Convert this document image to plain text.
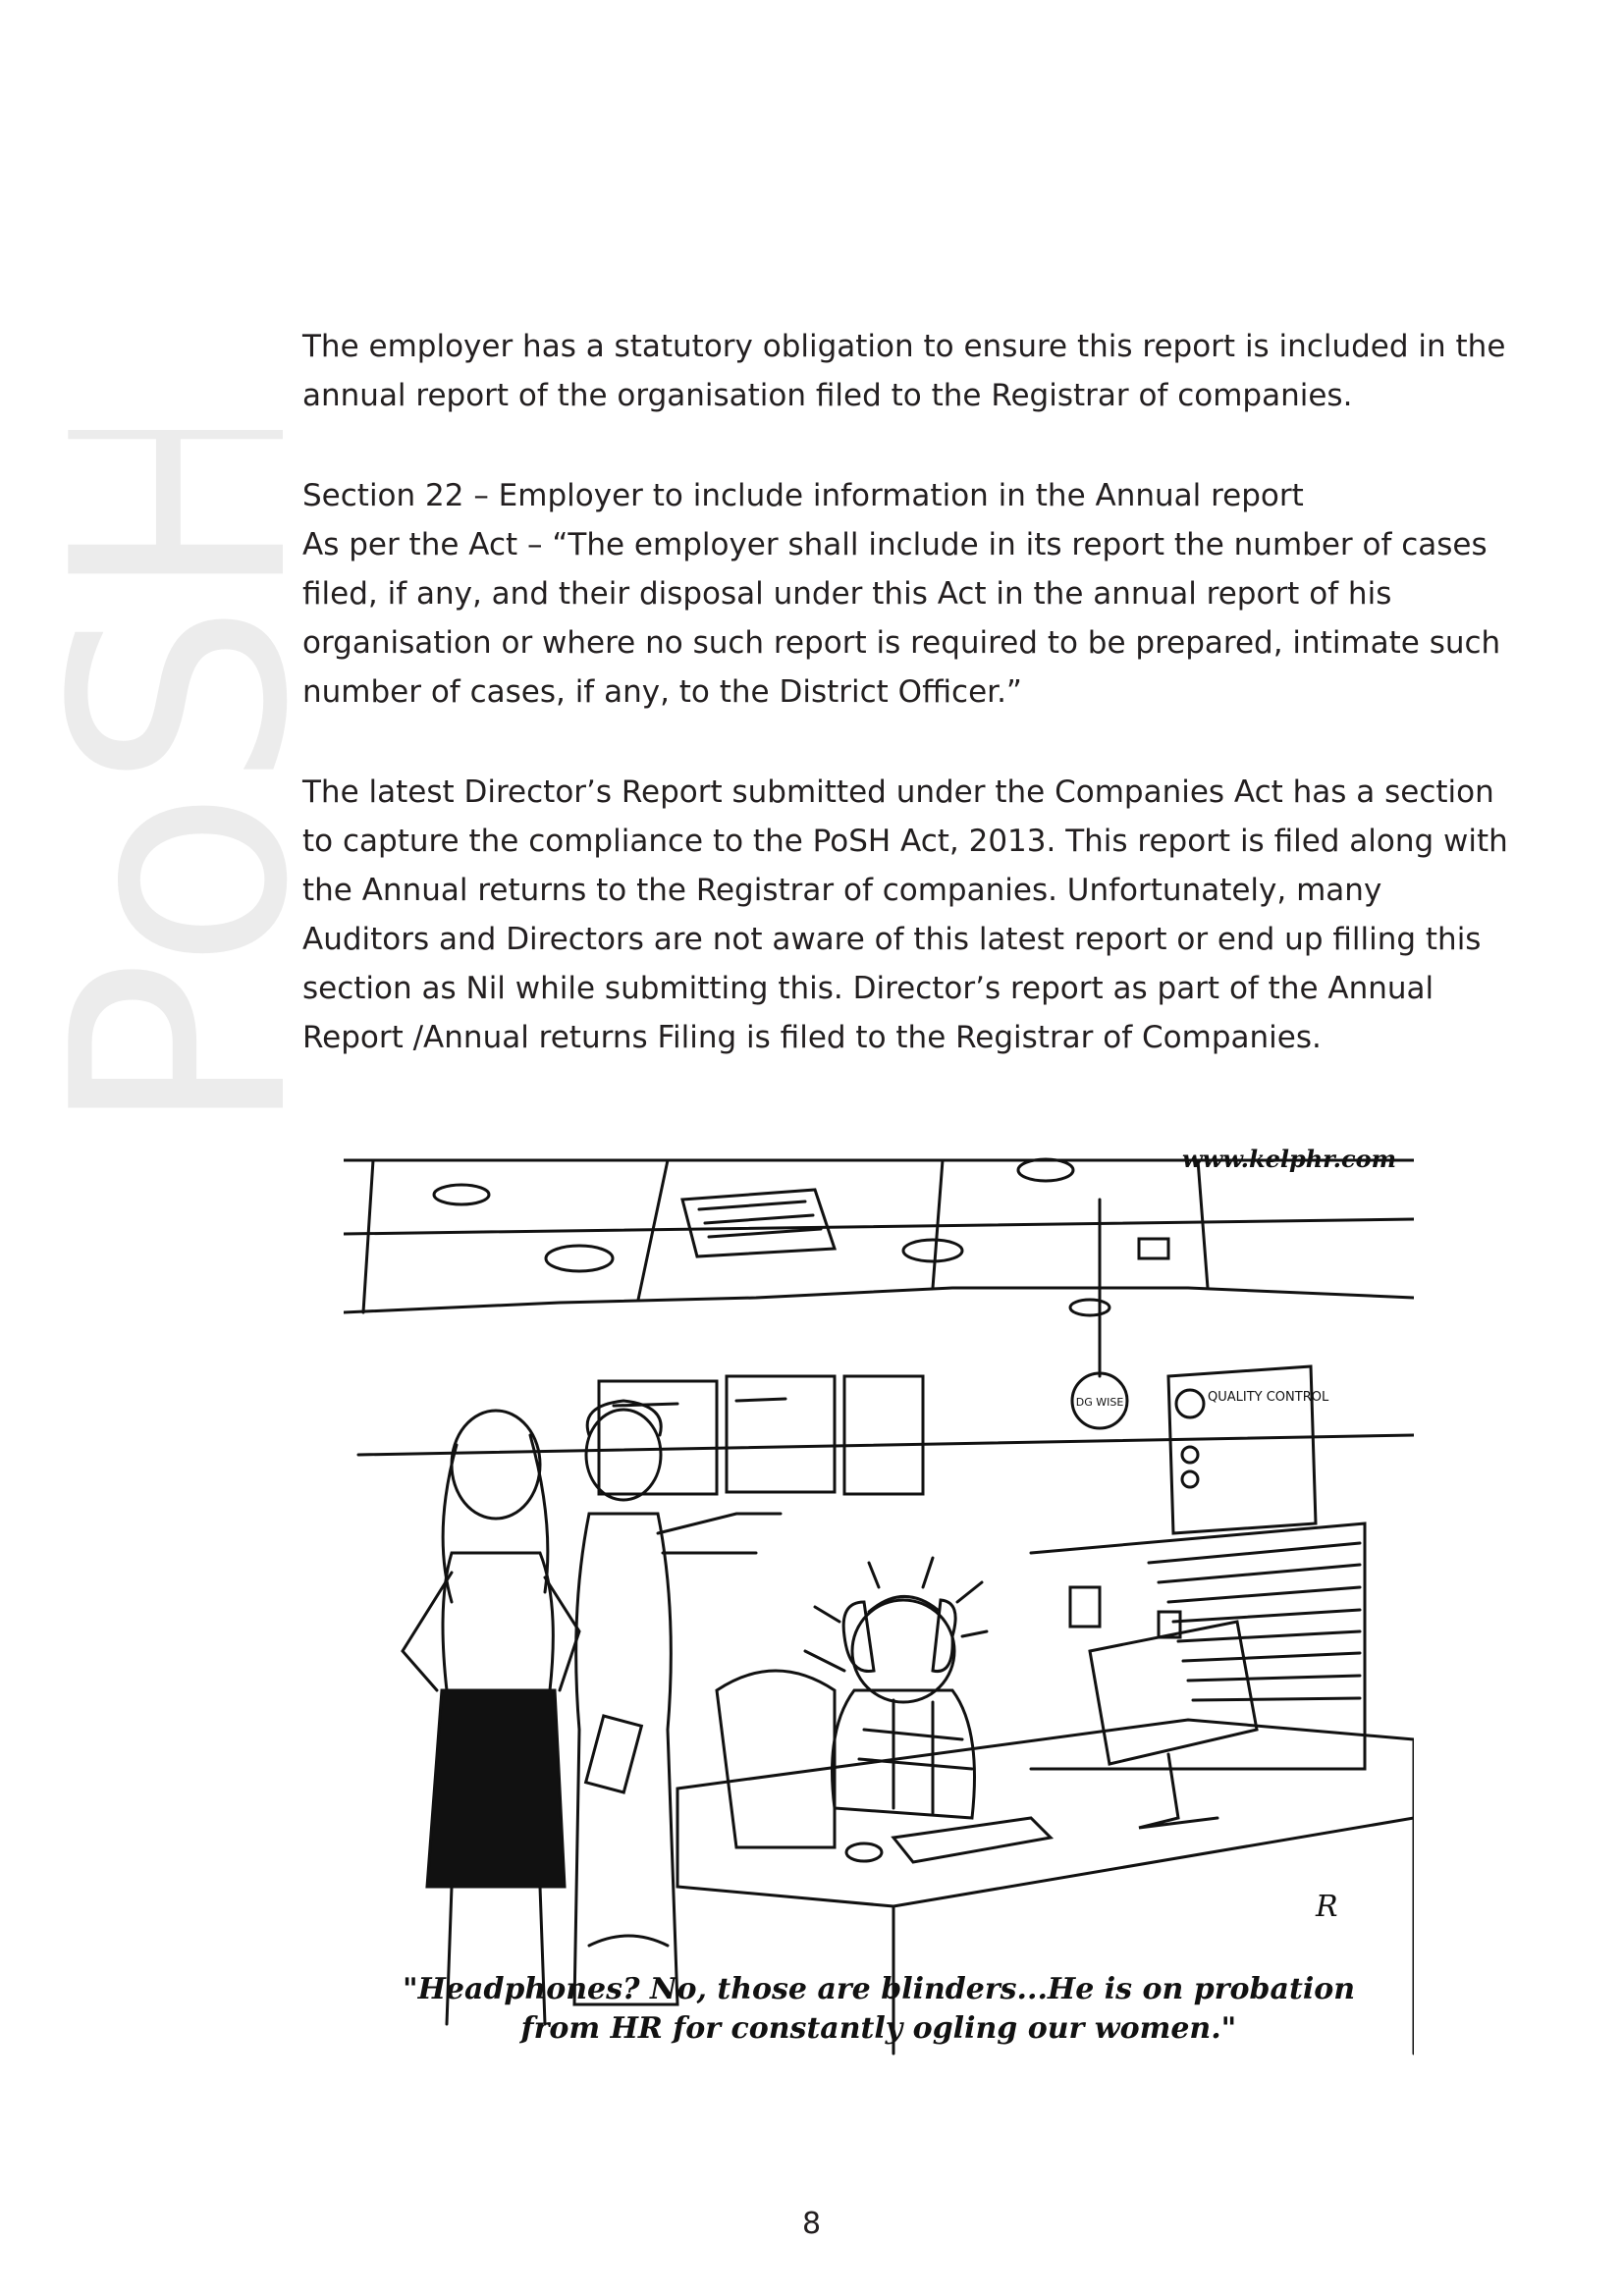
PoSH

The employer has a statutory obligation to ensure this report is included in the annual report of the organisation filed to the Registrar of companies.

Section 22 – Employer to include information in the Annual report

As per the Act – “The employer shall include in its report the number of cases filed, if any, and their disposal under this Act in the annual report of his organisation or where no such report is required to be prepared, intimate such number of cases, if any, to the District Officer.”

The latest Director’s Report submitted under the Companies Act has a section to capture the compliance to the PoSH Act, 2013. This report is filed along with the Annual returns to the Registrar of companies. Unfortunately, many Auditors and Directors are not aware of this latest report or end up filling this section as Nil while submitting this. Director’s report as part of the Annual Report /Annual returns Filing is filed to the Registrar of Companies.

DG WISE	QUALITY CONTROL
R
www.kelphr.com
"Headphones? No, those are blinders...He is on probation
from HR for constantly ogling our women."
8
